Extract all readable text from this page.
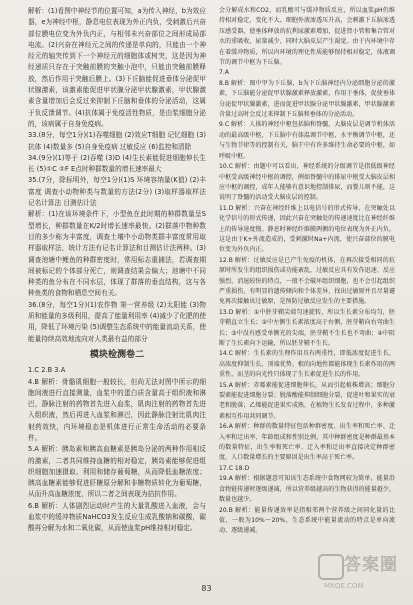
解析：(1)看图中神经节的位置可知，a为传入神经，b为效应器，e为神经中枢，静息电位表现为外正内负，受刺激后兴奋部位膜电位变为外负内正，与相邻未兴奋部位之间形成局部电流。(2)兴奋在神经元之间的传递是单向的，只能由一个神经元的轴突传到下一个神经元的细胞体或树突，这是因为神经递质只存在于突触前膜的突触小泡中，只能由突触前膜释放，然后作用于突触后膜上。(3)下丘脑能促进垂体分泌促甲状腺激素，该激素能促进甲状腺分泌甲状腺激素，甲状腺激素含量增加后会反过来抑制下丘脑和垂体的分泌活动，这属于负反馈调节。(4)抗体属于免疫活性物质，是由浆细胞分泌的，该病属于自身免疫病。

33.(8分，每空1分)(1)吞噬细胞 (2)效应T细胞 记忆细胞 (3)抗体 (4)数量多 (5)自身免疫病 过敏反应 (6)监控和清除

34.(9分)(1)等于 (2)吞噬 (3)D (4)生长素能促进细胞伸长生长 (5)①C ②F E点时种群数量的增长速率最大

35.(7分，除标明外，每空1分)(1)S 环境容纳量(K值) (2)丰富度 调查小动物种类与数量的方法(2分) (3)取样器取样法 记名计算法 目测估计法

解析：(1)在该环境条件下，小型鱼在此时期的种群数量呈S型增长，种群数量在K/2时增长速率最快。(2)群落中物种数目的多少称为丰富度，调查土壤中小动物类群丰富度常用取样器取样法，统计方法有记名计算法和目测估计法两种。(3)调查池塘中鲤鱼的种群密度时，常用标志重捕法，若调查期间被标记的个体部分死亡，则调查结果会偏大；池塘中不同种类的鱼分布在不同水层，体现了群落的垂直结构，这与各种鱼类的食物和栖息空间有关。

36.(8分，每空1分)(1)农作物 第一营养级 (2)太阳能 (3)物质和能量的多级利用，提高了能量利用率 (4)减少了化肥的使用，降低了环境污染 (5)调整生态系统中的能量流动关系，使能量持续高效地流向对人类最有益的部分

模块检测卷二

1.C 2.B 3.A

4.B 解析：骨骼肌细胞一般较长，但尚无法对图中所示的细胞间液进行直接测量，血浆中的蛋白质含量高于组织液和淋巴，静脉注射的药物首先进入血浆，肌肉注射的药物首先进入组织液，然后再进入血浆和淋巴，因此静脉注射比肌肉注射药效快，内环境稳态是机体进行正常生命活动的必要条件。

5.A 解析：胰岛素和胰高血糖素是胰岛分泌的两种作用相反的激素，二者共同维持血糖的相对稳定，胰岛素能够促进组织细胞加速摄取、利用和储存葡萄糖，从而降低血糖浓度；胰高血糖素能够促进肝糖原分解和非糖物质转化为葡萄糖，从而升高血糖浓度，所以二者之间表现为拮抗作用。

6.B 解析：人体剧烈运动时产生的大量乳酸进入血液，会与血浆中的缓冲物质NaHCO3发生反应生成乳酸钠和碳酸，碳酸再分解为水和二氧化碳，从而使血浆pH维持相对稳定。

会分解成水和CO2，而乳酸可与缓冲物质反应，所以血浆pH仍维持相对稳定，变化不大。细胞外液渗透压升高，会刺激下丘脑渗透压感受器，使垂体释放的抗利尿激素增加，促进肾小管和集合管对水的重吸收，尿量减少，同时大脑皮层产生渴觉。由于内环境中存在着缓冲物质，所以内环境的理化性质能够保持相对稳定，体液调节的调节中枢为下丘脑。

7.A

8.B 解析：图中甲为下丘脑，b为下丘脑神经内分泌细胞分泌的激素，下丘脑能分泌促甲状腺激素释放激素，作用于垂体，促使垂体分泌促甲状腺激素，进而促进甲状腺分泌甲状腺激素，甲状腺激素含量过高时会反过来抑制下丘脑和垂体的分泌活动。

9.C 解析：人体的神经中枢包括脑和脊髓，大脑皮层是调节机体活动的最高级中枢，下丘脑中有体温调节中枢、水平衡调节中枢，还与生物节律等的控制有关，脑干中有许多维持生命必要的中枢，如呼吸中枢。

10.C 解析：由题中可以看出，神经系统的分级调节是指低级神经中枢受高级神经中枢的调控，例如脊髓中的排尿中枢受大脑皮层相应中枢的调控，成年人能够有意识地控制排尿，而婴儿则不能，这说明了脊髓的活动受大脑皮层的控制。

11.D 解析：兴奋在神经纤维上以电信号的形式传导，在突触处以化学信号的形式传递，因此兴奋在突触处的传递速度比在神经纤维上的传导速度慢。静息时神经纤维膜两侧的电位表现为外正内负，这是由于K+外流造成的，受刺激时Na+内流，使兴奋部位的膜电位变为外负内正。

12.B 解析：过敏反应是已产生免疫的机体，在再次接受相同的抗原时所发生的组织损伤或功能紊乱，过敏反应具有发作迅速、反应强烈、消退较快的特点，一般不会破坏组织细胞，也不会引起组织严重损伤，有明显的遗传倾向和个体差异，找出过敏原并且尽量避免再次接触该过敏原，是预防过敏反应发生的主要措施。

13.D 解析：①中胚芽鞘尖端匀速旋转，所以生长素分布均匀，胚芽鞘直立生长；②中左侧生长素浓度高于右侧，胚芽鞘向右弯曲生长；③中没有感受单侧光的尖端，胚芽鞘不生长也不弯曲；④中阻断了生长素向下运输，所以胚芽鞘不生长。

14.C 解析：生长素的生理作用具有两重性，即低浓度促进生长，高浓度抑制生长，顶端优势、根的向地性都能体现生长素作用的两重性，而茎的向光性只体现了生长素促进生长的作用。

15.A 解析：赤霉素能促进细胞伸长，从而引起植株增高；细胞分裂素能促进细胞分裂；脱落酸能抑制细胞分裂，促进叶和果实的衰老和脱落；乙烯能促进果实成熟，在植物生长发育过程中，多种激素相互作用共同调节。

16.A 解析：种群的数量特征包括种群密度、出生率和死亡率、迁入率和迁出率、年龄组成和性别比例，其中种群密度是种群最基本的数量特征，出生率和死亡率、迁入率和迁出率直接决定种群密度，人口数量增长的主要原因是出生率高于死亡率。

17.C 18.D

19.A 解析：根据题意可知该生态系统中食物网较为简单，能量沿食物链传递时逐级递减，所以营养级越高的生物获得的能量越少，数量也越少。

20.B 解析：能量传递效率是指相邻两个营养级之间同化量的比值，一般为10%～20%，生态系统中能量流动的特点是单向流动、逐级递减。

答案圈
MXQE.COM
83
